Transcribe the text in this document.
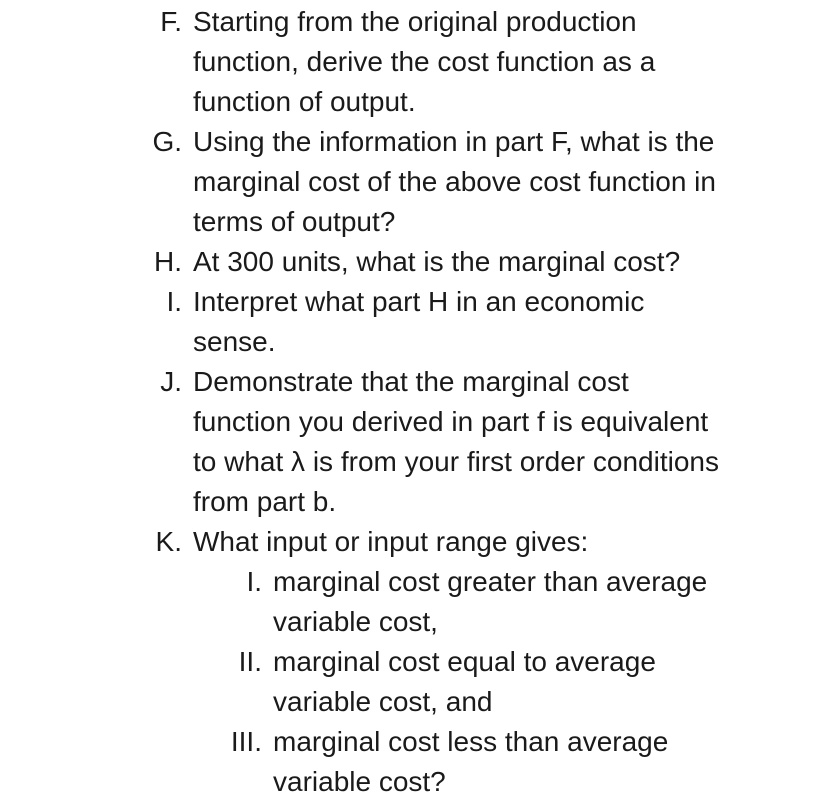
F. Starting from the original production
function, derive the cost function as a
function of output.
G. Using the information in part F, what is the
marginal cost of the above cost function in
terms of output?
H. At 300 units, what is the marginal cost?
I. Interpret what part H in an economic
sense.
J. Demonstrate that the marginal cost
function you derived in part f is equivalent
to what λ is from your first order conditions
from part b.
K. What input or input range gives:
I. marginal cost greater than average
variable cost,
II. marginal cost equal to average
variable cost, and
III. marginal cost less than average
variable cost?
